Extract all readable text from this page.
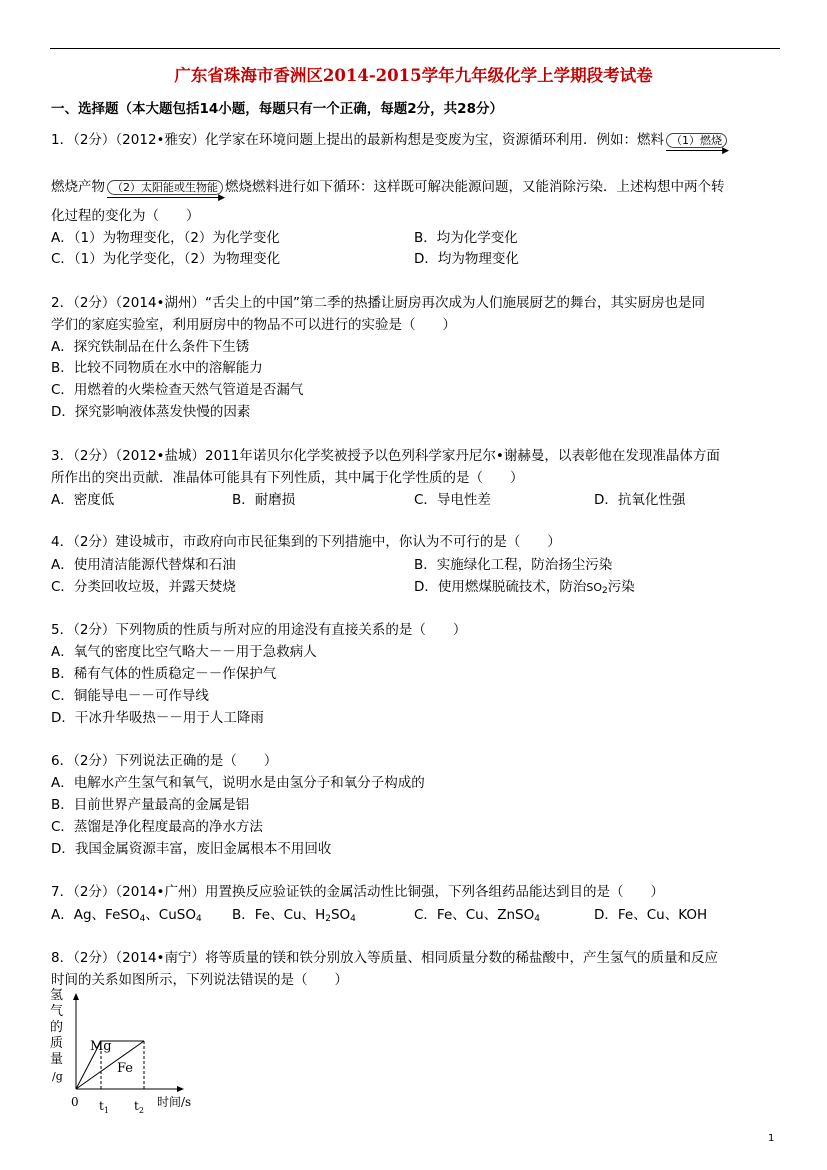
广东省珠海市香洲区2014-2015学年九年级化学上学期段考试卷
一、选择题（本大题包括14小题，每题只有一个正确，每题2分，共28分）
1．（2分）（2012•雅安）化学家在环境问题上提出的最新构想是变废为宝，资源循环利用．例如：燃料 （1）燃烧
▶
燃烧产物 （2）太阳能或生物能
▶
燃烧燃料进行如下循环：这样既可解决能源问题，又能消除污染．上述构想中两个转
化过程的变化为（　　）
A．（1）为物理变化，（2）为化学变化	B．均为化学变化
C．（1）为化学变化，（2）为物理变化	D．均为物理变化
2．（2分）（2014•湖州）“舌尖上的中国”第二季的热播让厨房再次成为人们施展厨艺的舞台，其实厨房也是同
学们的家庭实验室，利用厨房中的物品不可以进行的实验是（　　）
A．探究铁制品在什么条件下生锈
B．比较不同物质在水中的溶解能力
C．用燃着的火柴检查天然气管道是否漏气
D．探究影响液体蒸发快慢的因素
3．（2分）（2012•盐城）2011年诺贝尔化学奖被授予以色列科学家丹尼尔•谢赫曼，以表彰他在发现准晶体方面
所作出的突出贡献．准晶体可能具有下列性质，其中属于化学性质的是（　　）
A．密度低	B．耐磨损	C．导电性差	D．抗氧化性强
4．（2分）建设城市，市政府向市民征集到的下列措施中，你认为不可行的是（　　）
A．使用清洁能源代替煤和石油	B．实施绿化工程，防治扬尘污染
C．分类回收垃圾，并露天焚烧	D．使用燃煤脱硫技术，防治$SO_2$污染
5．（2分）下列物质的性质与所对应的用途没有直接关系的是（　　）
A．氧气的密度比空气略大－－用于急救病人
B．稀有气体的性质稳定－－作保护气
C．铜能导电－－可作导线
D．干冰升华吸热－－用于人工降雨
6．（2分）下列说法正确的是（　　）
A．电解水产生氢气和氧气，说明水是由氢分子和氧分子构成的
B．目前世界产量最高的金属是铝
C．蒸馏是净化程度最高的净水方法
D．我国金属资源丰富，废旧金属根本不用回收
7．（2分）（2014•广州）用置换反应验证铁的金属活动性比铜强，下列各组药品能达到目的是（　　）
A．Ag、FeSO$_4$、CuSO$_4$ B．Fe、Cu、$H_2SO_4$	C．Fe、Cu、ZnSO$_4$	D．Fe、Cu、KOH
8．（2分）（2014•南宁）将等质量的镁和铁分别放入等质量、相同质量分数的稀盐酸中，产生氢气的质量和反应
时间的关系如图所示，下列说法错误的是（　　）
氢
气
的
质
量
/g
0 $t_1$ $t_2$
时间/s
Mg
Fe
1
